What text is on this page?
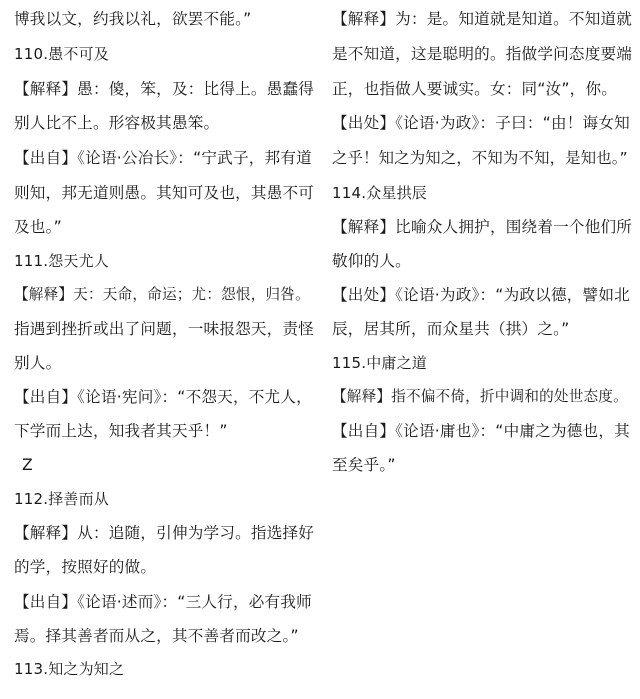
博我以文，约我以礼，欲罢不能。”
110.愚不可及
【解释】愚：傻，笨，及：比得上。愚蠢得
别人比不上。形容极其愚笨。
【出自】《论语·公冶长》：“宁武子，邦有道
则知，邦无道则愚。其知可及也，其愚不可
及也。”
111.怨天尤人
【解释】天：天命，命运；尤：怨恨，归咎。
指遇到挫折或出了问题，一味报怨天，责怪
别人。
【出自】《论语·宪问》：“不怨天，不尤人，
下学而上达，知我者其天乎！”
Z
112.择善而从
【解释】从：追随，引伸为学习。指选择好
的学，按照好的做。
【出自】《论语·述而》：“三人行，必有我师
焉。择其善者而从之，其不善者而改之。”
113.知之为知之
【解释】为：是。知道就是知道。不知道就
是不知道，这是聪明的。指做学问态度要端
正，也指做人要诚实。女：同“汝”，你。
【出处】《论语·为政》：子曰：“由！诲女知
之乎！知之为知之，不知为不知，是知也。”
114.众星拱辰
【解释】比喻众人拥护，围绕着一个他们所
敬仰的人。
【出处】《论语·为政》：“为政以德，譬如北
辰，居其所，而众星共（拱）之。”
115.中庸之道
【解释】指不偏不倚，折中调和的处世态度。
【出自】《论语·庸也》：“中庸之为德也，其
至矣乎。”
